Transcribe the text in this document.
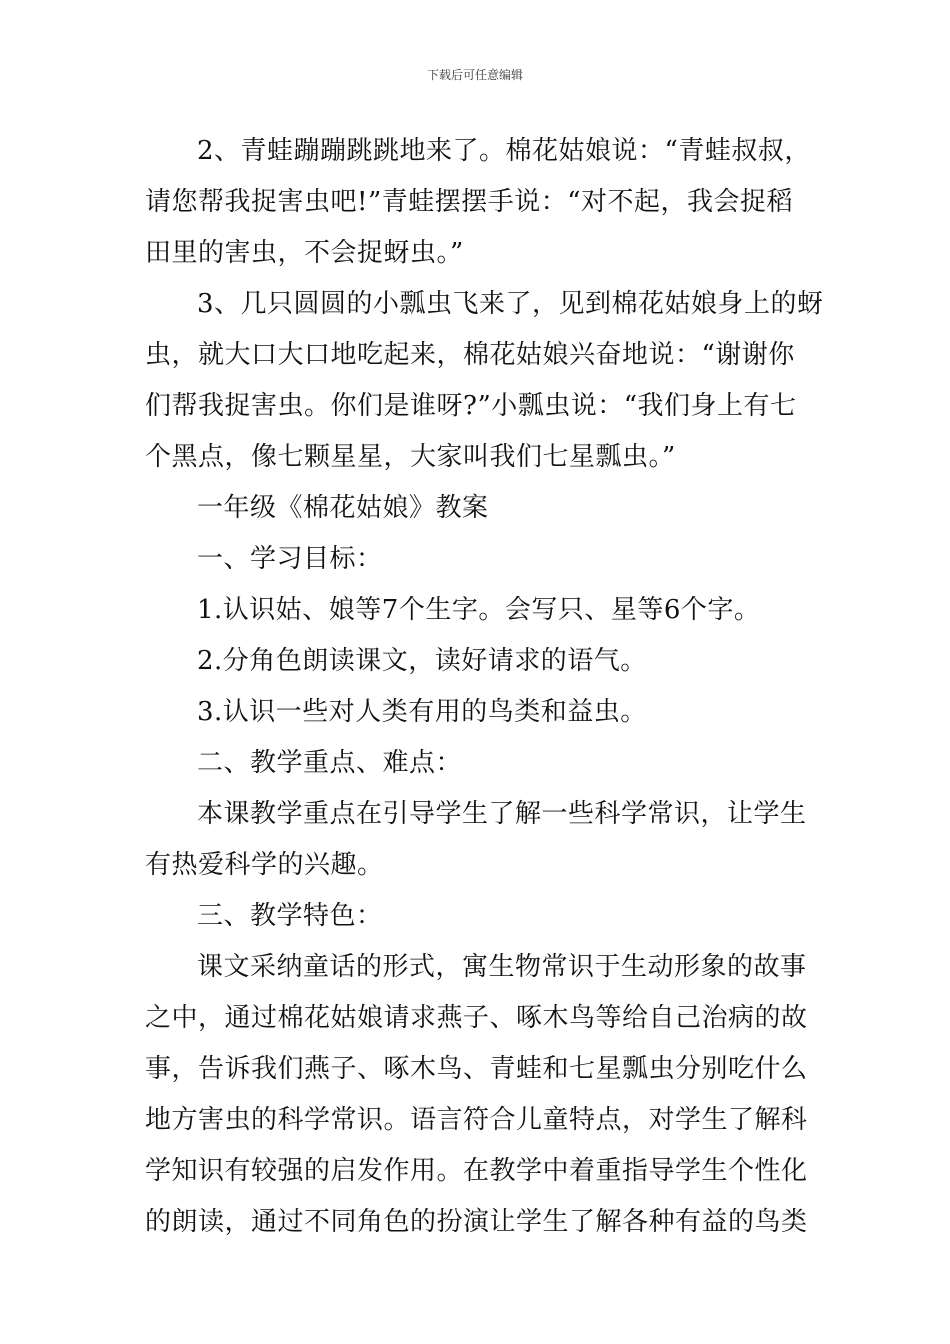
下载后可任意编辑

2、青蛙蹦蹦跳跳地来了。棉花姑娘说：“青蛙叔叔，
请您帮我捉害虫吧!”青蛙摆摆手说：“对不起，我会捉稻
田里的害虫，不会捉蚜虫。”

3、几只圆圆的小瓢虫飞来了，见到棉花姑娘身上的蚜
虫，就大口大口地吃起来，棉花姑娘兴奋地说：“谢谢你
们帮我捉害虫。你们是谁呀?”小瓢虫说：“我们身上有七
个黑点，像七颗星星，大家叫我们七星瓢虫。”

一年级《棉花姑娘》教案

一、学习目标：

1.认识姑、娘等7个生字。会写只、星等6个字。

2.分角色朗读课文，读好请求的语气。

3.认识一些对人类有用的鸟类和益虫。

二、教学重点、难点：

本课教学重点在引导学生了解一些科学常识，让学生
有热爱科学的兴趣。

三、教学特色：

课文采纳童话的形式，寓生物常识于生动形象的故事
之中，通过棉花姑娘请求燕子、啄木鸟等给自己治病的故
事，告诉我们燕子、啄木鸟、青蛙和七星瓢虫分别吃什么
地方害虫的科学常识。语言符合儿童特点，对学生了解科
学知识有较强的启发作用。在教学中着重指导学生个性化
的朗读，通过不同角色的扮演让学生了解各种有益的鸟类
